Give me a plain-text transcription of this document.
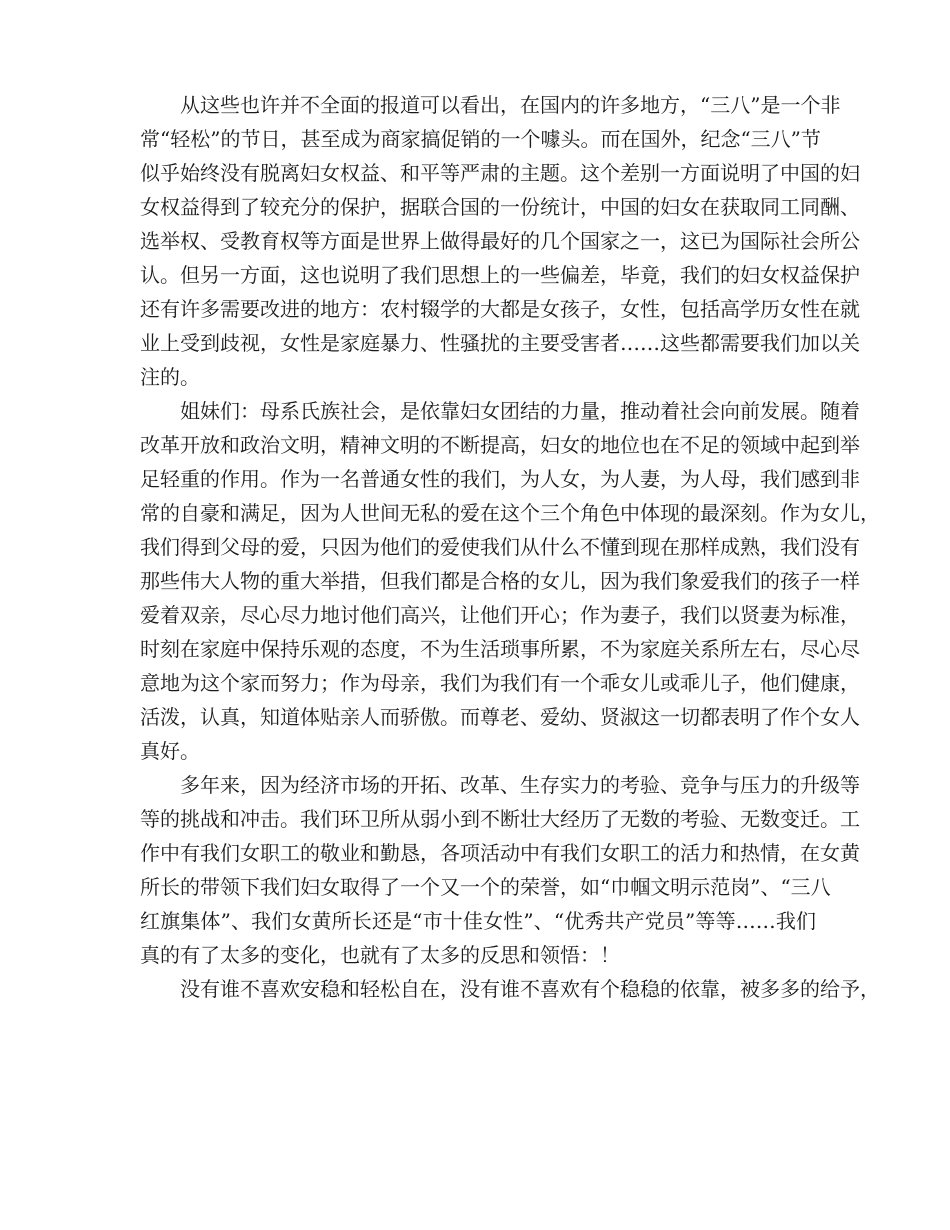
　　从这些也许并不全面的报道可以看出，在国内的许多地方，“三八”是一个非
常“轻松”的节日，甚至成为商家搞促销的一个噱头。而在国外，纪念“三八”节
似乎始终没有脱离妇女权益、和平等严肃的主题。这个差别一方面说明了中国的妇
女权益得到了较充分的保护，据联合国的一份统计，中国的妇女在获取同工同酬、
选举权、受教育权等方面是世界上做得最好的几个国家之一，这已为国际社会所公
认。但另一方面，这也说明了我们思想上的一些偏差，毕竟，我们的妇女权益保护
还有许多需要改进的地方：农村辍学的大都是女孩子，女性，包括高学历女性在就
业上受到歧视，女性是家庭暴力、性骚扰的主要受害者……这些都需要我们加以关
注的。

　　姐妹们：母系氏族社会，是依靠妇女团结的力量，推动着社会向前发展。随着
改革开放和政治文明，精神文明的不断提高，妇女的地位也在不足的领域中起到举
足轻重的作用。作为一名普通女性的我们，为人女，为人妻，为人母，我们感到非
常的自豪和满足，因为人世间无私的爱在这个三个角色中体现的最深刻。作为女儿，
我们得到父母的爱，只因为他们的爱使我们从什么不懂到现在那样成熟，我们没有
那些伟大人物的重大举措，但我们都是合格的女儿，因为我们象爱我们的孩子一样
爱着双亲，尽心尽力地讨他们高兴，让他们开心；作为妻子，我们以贤妻为标准，
时刻在家庭中保持乐观的态度，不为生活琐事所累，不为家庭关系所左右，尽心尽
意地为这个家而努力；作为母亲，我们为我们有一个乖女儿或乖儿子，他们健康，
活泼，认真，知道体贴亲人而骄傲。而尊老、爱幼、贤淑这一切都表明了作个女人
真好。

　　多年来，因为经济市场的开拓、改革、生存实力的考验、竞争与压力的升级等
等的挑战和冲击。我们环卫所从弱小到不断壮大经历了无数的考验、无数变迁。工
作中有我们女职工的敬业和勤恳，各项活动中有我们女职工的活力和热情，在女黄
所长的带领下我们妇女取得了一个又一个的荣誉，如“巾帼文明示范岗”、“三八
红旗集体”、我们女黄所长还是“市十佳女性”、“优秀共产党员”等等……我们
真的有了太多的变化，也就有了太多的反思和领悟：！

　　没有谁不喜欢安稳和轻松自在，没有谁不喜欢有个稳稳的依靠，被多多的给予，
